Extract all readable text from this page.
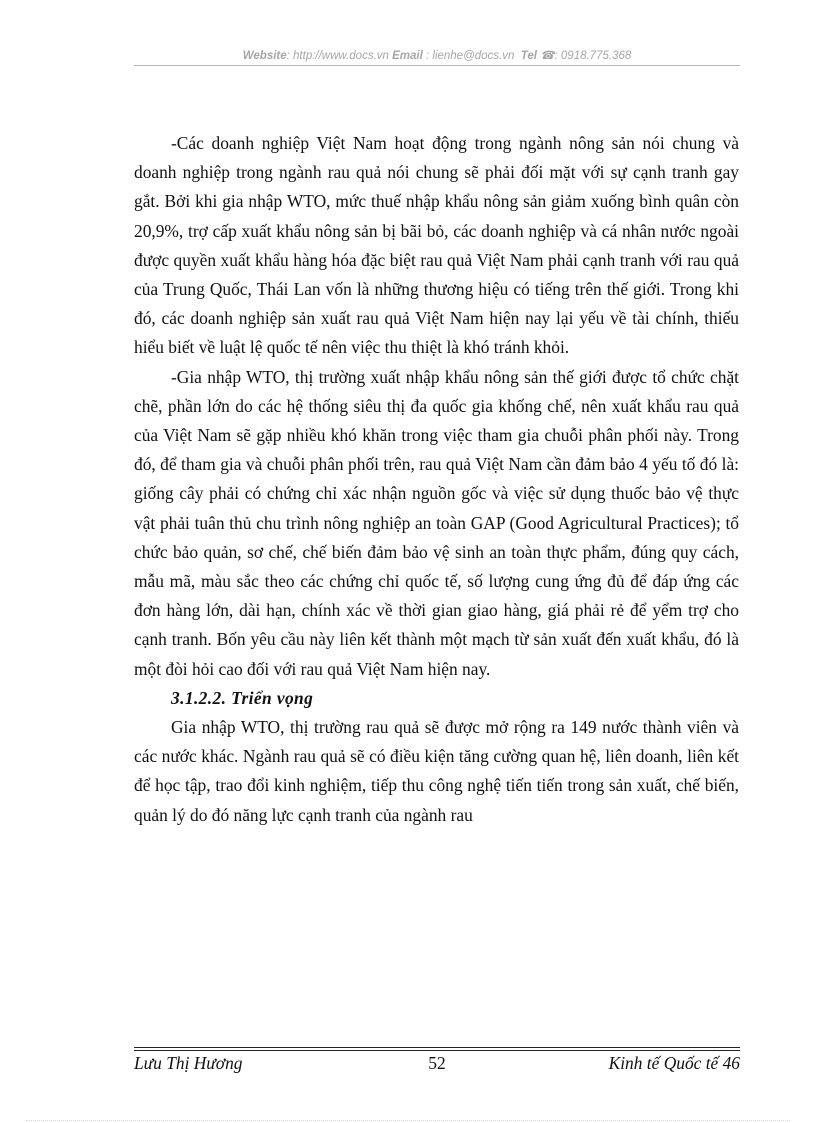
Website: http://www.docs.vn Email : lienhe@docs.vn Tel ☎: 0918.775.368

-Các doanh nghiệp Việt Nam hoạt động trong ngành nông sản nói chung và doanh nghiệp trong ngành rau quả nói chung sẽ phải đối mặt với sự cạnh tranh gay gắt. Bởi khi gia nhập WTO, mức thuế nhập khẩu nông sản giảm xuống bình quân còn 20,9%, trợ cấp xuất khẩu nông sản bị bãi bỏ, các doanh nghiệp và cá nhân nước ngoài được quyền xuất khẩu hàng hóa đặc biệt rau quả Việt Nam phải cạnh tranh với rau quả của Trung Quốc, Thái Lan vốn là những thương hiệu có tiếng trên thế giới. Trong khi đó, các doanh nghiệp sản xuất rau quả Việt Nam hiện nay lại yếu về tài chính, thiếu hiểu biết về luật lệ quốc tế nên việc thu thiệt là khó tránh khỏi.

-Gia nhập WTO, thị trường xuất nhập khẩu nông sản thế giới được tổ chức chặt chẽ, phần lớn do các hệ thống siêu thị đa quốc gia khống chế, nên xuất khẩu rau quả của Việt Nam sẽ gặp nhiều khó khăn trong việc tham gia chuỗi phân phối này. Trong đó, để tham gia và chuỗi phân phối trên, rau quả Việt Nam cần đảm bảo 4 yếu tố đó là: giống cây phải có chứng chỉ xác nhận nguồn gốc và việc sử dụng thuốc bảo vệ thực vật phải tuân thủ chu trình nông nghiệp an toàn GAP (Good Agricultural Practices); tổ chức bảo quản, sơ chế, chế biến đảm bảo vệ sinh an toàn thực phẩm, đúng quy cách, mẫu mã, màu sắc theo các chứng chỉ quốc tế, số lượng cung ứng đủ để đáp ứng các đơn hàng lớn, dài hạn, chính xác về thời gian giao hàng, giá phải rẻ để yểm trợ cho cạnh tranh. Bốn yêu cầu này liên kết thành một mạch từ sản xuất đến xuất khẩu, đó là một đòi hỏi cao đối với rau quả Việt Nam hiện nay.

3.1.2.2. Triển vọng

Gia nhập WTO, thị trường rau quả sẽ được mở rộng ra 149 nước thành viên và các nước khác. Ngành rau quả sẽ có điều kiện tăng cường quan hệ, liên doanh, liên kết để học tập, trao đổi kinh nghiệm, tiếp thu công nghệ tiến tiến trong sản xuất, chế biến, quản lý do đó năng lực cạnh tranh của ngành rau

Lưu Thị Hương	52	Kinh tế Quốc tế 46
